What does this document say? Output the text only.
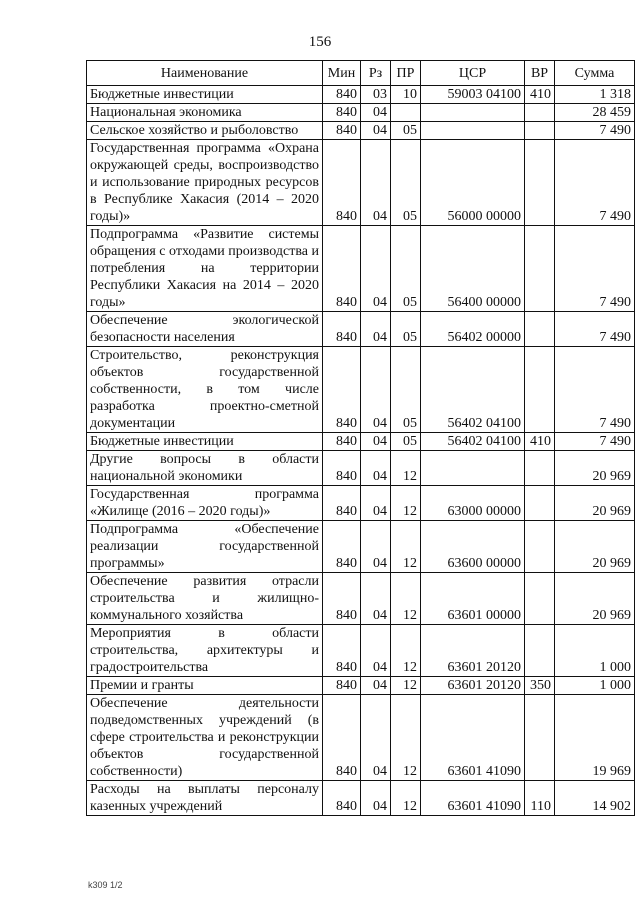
156
Наименование	Мин	Рз	ПР	ЦСР	ВР	Сумма
Бюджетные инвестиции	840	03	10	59003 04100	410	1 318
Национальная экономика	840	04				28 459
Сельское хозяйство и рыболовство	840	04	05			7 490
Государственная программа «Охрана окружающей среды, воспроизводство и использование природных ресурсов в Республике Хакасия (2014 – 2020 годы)»	840	04	05	56000 00000		7 490
Подпрограмма «Развитие системы обращения с отходами производства и потребления на территории Республики Хакасия на 2014 – 2020 годы»	840	04	05	56400 00000		7 490
Обеспечение экологической безопасности населения	840	04	05	56402 00000		7 490
Строительство, реконструкция объектов государственной собственности, в том числе разработка проектно-сметной документации	840	04	05	56402 04100		7 490
Бюджетные инвестиции	840	04	05	56402 04100	410	7 490
Другие вопросы в области национальной экономики	840	04	12			20 969
Государственная программа «Жилище (2016 – 2020 годы)»	840	04	12	63000 00000		20 969
Подпрограмма «Обеспечение реализации государственной программы»	840	04	12	63600 00000		20 969
Обеспечение развития отрасли строительства и жилищно-коммунального хозяйства	840	04	12	63601 00000		20 969
Мероприятия в области строительства, архитектуры и градостроительства	840	04	12	63601 20120		1 000
Премии и гранты	840	04	12	63601 20120	350	1 000
Обеспечение деятельности подведомственных учреждений (в сфере строительства и реконструкции объектов государственной собственности)	840	04	12	63601 41090		19 969
Расходы на выплаты персоналу казенных учреждений	840	04	12	63601 41090	110	14 902
k309 1/2
